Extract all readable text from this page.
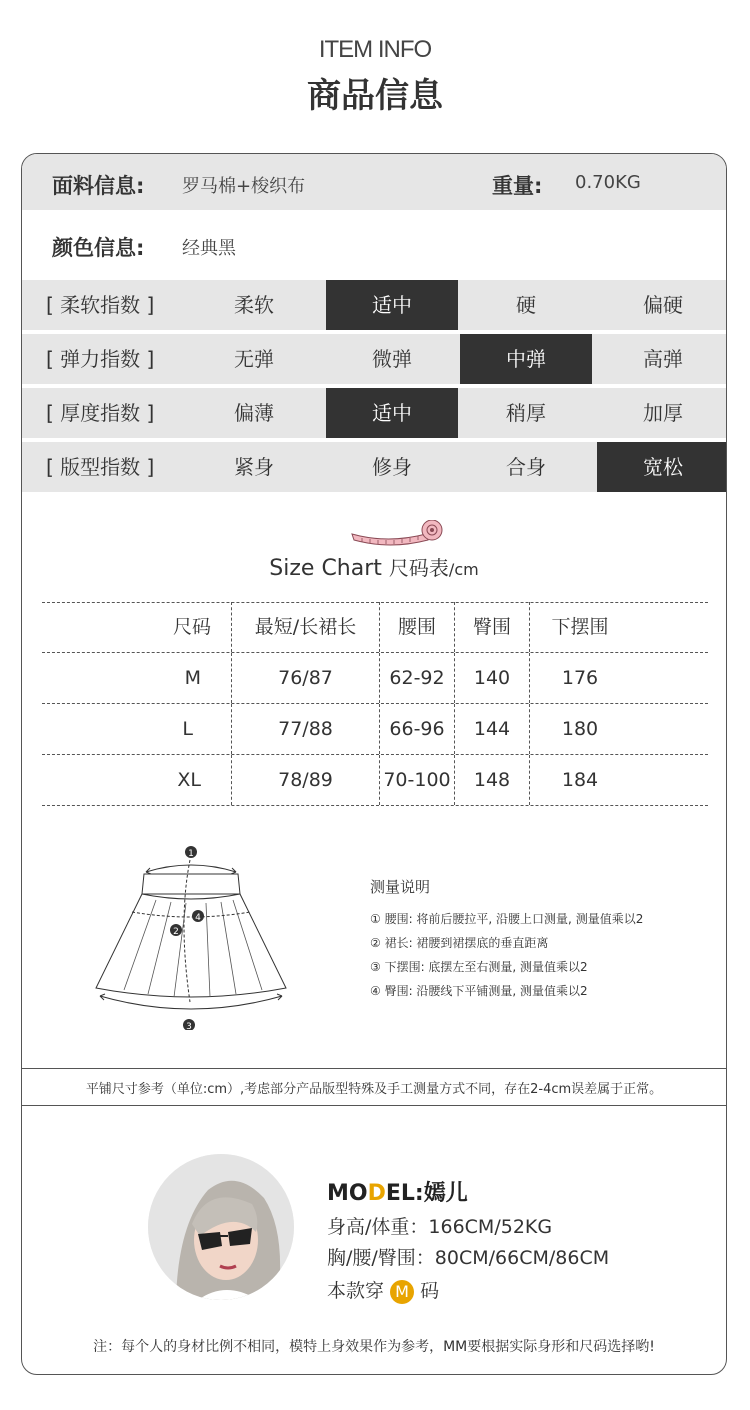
ITEM INFO
商品信息
面料信息: 罗马棉+梭织布	重量: 0.70KG
颜色信息: 经典黑
[ 柔软指数 ]	柔软	适中	硬	偏硬
[ 弹力指数 ]	无弹	微弹	中弹	高弹
[ 厚度指数 ]	偏薄	适中	稍厚	加厚
[ 版型指数 ]	紧身	修身	合身	宽松
Size Chart 尺码表/cm
尺码	最短/长裙长	腰围	臀围	下摆围
M	76/87	62-92	140	176
L	77/88	66-96	144	180
XL	78/89	70-100	148	184
1
2
3
4
测量说明
① 腰围: 将前后腰拉平, 沿腰上口测量, 测量值乘以2
② 裙长: 裙腰到裙摆底的垂直距离
③ 下摆围: 底摆左至右测量, 测量值乘以2
④ 臀围: 沿腰线下平铺测量, 测量值乘以2
平铺尺寸参考（单位:cm）,考虑部分产品版型特殊及手工测量方式不同，存在2-4cm误差属于正常。
MODEL:嫣儿
身高/体重：166CM/52KG
胸/腰/臀围：80CM/66CM/86CM
本款穿 M 码
注：每个人的身材比例不相同，模特上身效果作为参考，MM要根据实际身形和尺码选择哟!
